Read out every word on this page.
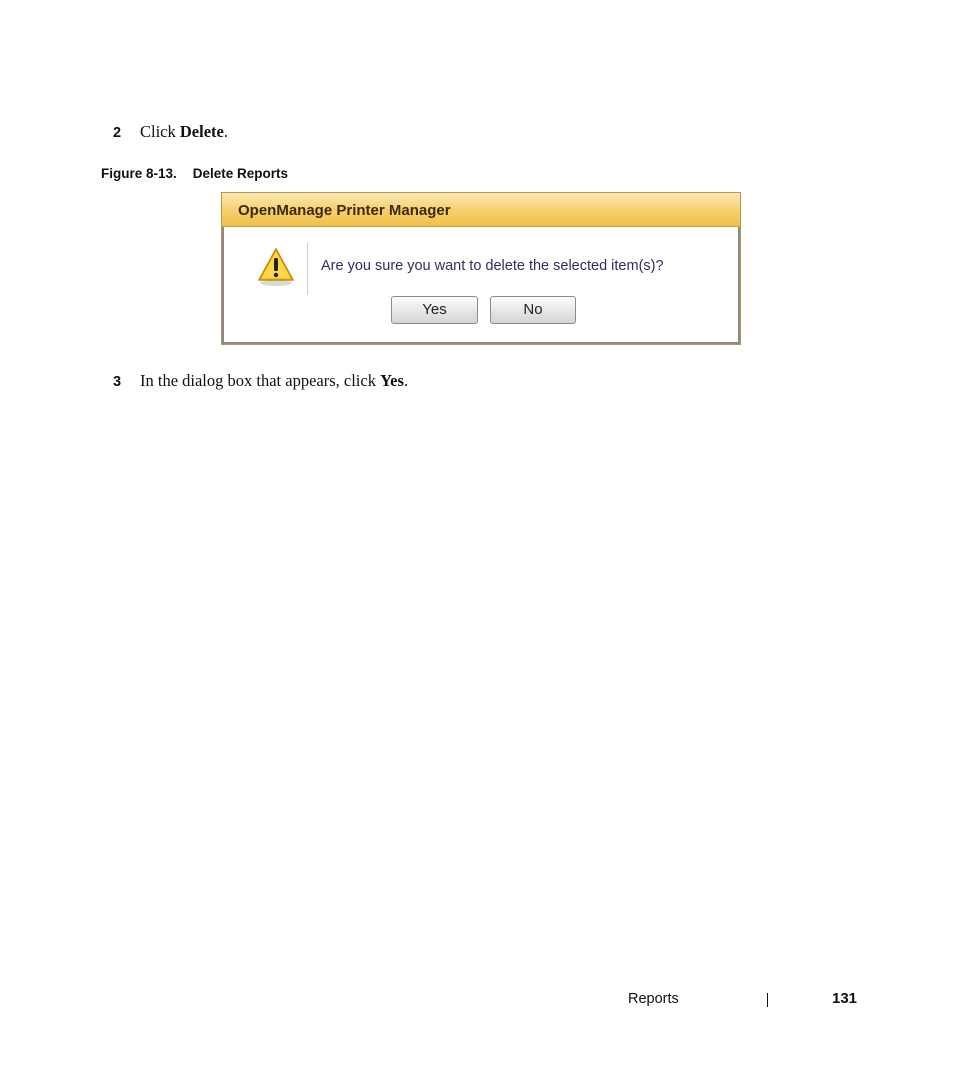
2 Click Delete.
Figure 8-13. Delete Reports
OpenManage Printer Manager
Are you sure you want to delete the selected item(s)?
Yes	No
3 In the dialog box that appears, click Yes.
Reports	131
